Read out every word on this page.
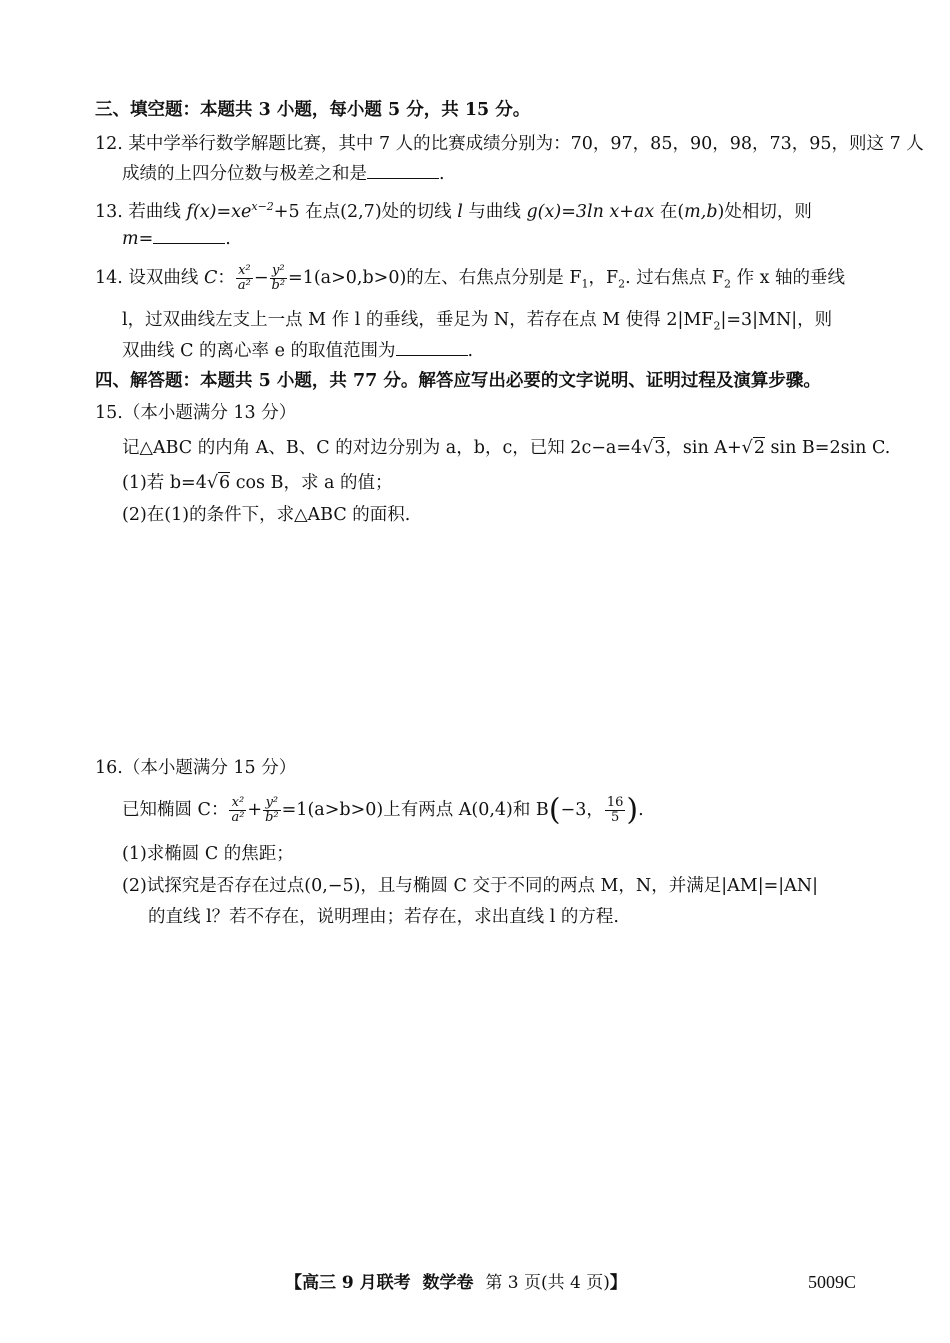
三、填空题：本题共 3 小题，每小题 5 分，共 15 分。
12. 某中学举行数学解题比赛，其中 7 人的比赛成绩分别为：70，97，85，90，98，73，95，则这 7 人
成绩的上四分位数与极差之和是	.
13. 若曲线 $f(x)=xe^{x-2}+5$ 在点(2,7)处的切线 l 与曲线 g(x)=3ln x+ax 在(m,b)处相切，则
m=	.
14. 设双曲线 C： $\frac{\text{x²}}{\text{a²}} - \frac{\text{y²}}{\text{b²}} =1(a>0,b>0)$的左、右焦点分别是 $F_1$，$F_2$. 过右焦点 $F_2$ 作 x 轴的垂线
l，过双曲线左支上一点 M 作 l 的垂线，垂足为 N，若存在点 M 使得 $2|MF_2|=3|MN|$，则
双曲线 C 的离心率 e 的取值范围为	.
四、解答题：本题共 5 小题，共 77 分。解答应写出必要的文字说明、证明过程及演算步骤。
15.（本小题满分 13 分）
记△ABC 的内角 A、B、C 的对边分别为 a，b，c，已知 2c−a=4√3，sin A+√2 sin B=2sin C.
(1)若 b=4√6 cos B，求 a 的值；
(2)在(1)的条件下，求△ABC 的面积.
16.（本小题满分 15 分）
已知椭圆 C： $\frac{\text{x²}}{\text{a²}} + \frac{\text{y²}}{\text{b²}} =1(a>b>0)$上有两点 A(0,4)和 B(−3， $\frac{16}{5}$ ).
(1)求椭圆 C 的焦距；
(2)试探究是否存在过点(0,−5)，且与椭圆 C 交于不同的两点 M，N，并满足|AM|=|AN|
的直线 l？若不存在，说明理由；若存在，求出直线 l 的方程.
【高三 9 月联考 数学卷 第 3 页(共 4 页)】	5009C
